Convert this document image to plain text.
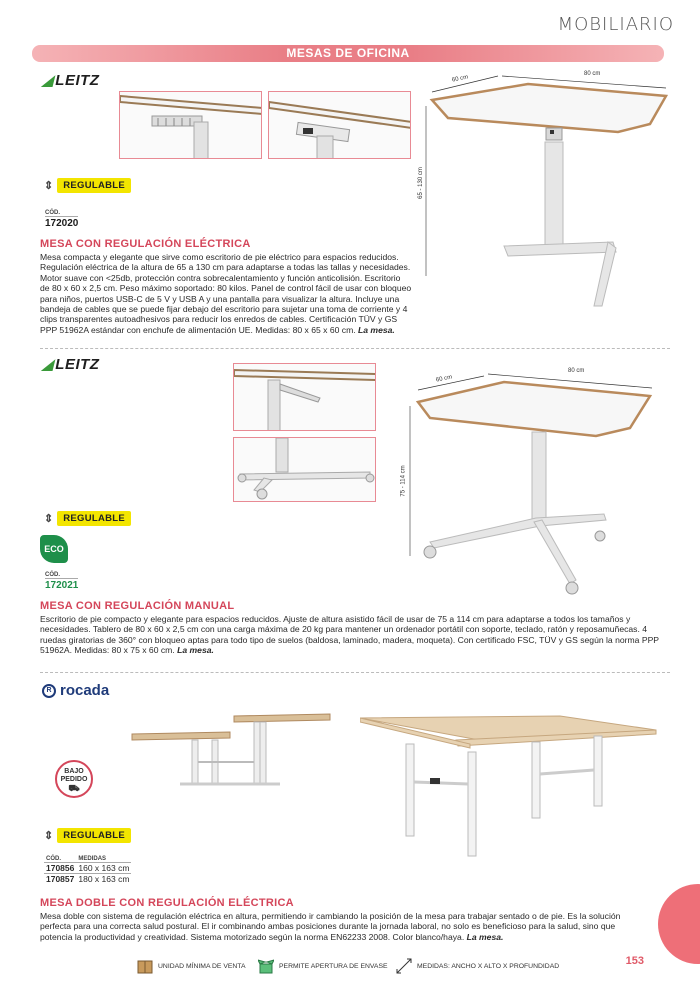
MOBILIARIO
MESAS DE OFICINA
◢ LEITZ	60 cm
80 cm
65 - 130 cm
⇕	REGULABLE
CÓD.
172020
MESA CON REGULACIÓN ELÉCTRICA
Mesa compacta y elegante que sirve como escritorio de pie eléctrico para espacios reducidos. Regulación eléctrica de la altura de 65 a 130 cm para adaptarse a todas las tallas y necesidades. Motor suave con <25db, protección contra sobrecalentamiento y función anticolisión. Escritorio de 80 x 60 x 2,5 cm. Peso máximo soportado: 80 kilos. Panel de control fácil de usar con bloqueo para niños, puertos USB-C de 5 V y USB A y una pantalla para visualizar la altura. Incluye una bandeja de cables que se puede fijar debajo del escritorio para sujetar una toma de corriente y 4 clips transparentes autoadhesivos para reducir los enredos de cables. Certificación TÜV y GS PPP 51962A estándar con enchufe de alimentación UE. Medidas: 80 x 65 x 60 cm. La mesa.
◢ LEITZ
60 cm
80 cm
75 - 114 cm
⇕	REGULABLE
ECO
CÓD.
172021
MESA CON REGULACIÓN MANUAL
Escritorio de pie compacto y elegante para espacios reducidos. Ajuste de altura asistido fácil de usar de 75 a 114 cm para adaptarse a todos los tamaños y necesidades. Tablero de 80 x 60 x 2,5 cm con una carga máxima de 20 kg para mantener un ordenador portátil con soporte, teclado, ratón y reposamuñecas. 4 ruedas giratorias de 360° con bloqueo aptas para todo tipo de suelos (baldosa, laminado, madera, moqueta). Con certificado FSC, TÜV y GS según la norma PPP 51962A. Medidas: 80 x 75 x 60 cm. La mesa.
R rocada
BAJO
PEDIDO
⛟
⇕	REGULABLE
CÓD.	MEDIDAS
170856	160 x 163 cm
170857	180 x 163 cm
MESA DOBLE CON REGULACIÓN ELÉCTRICA
Mesa doble con sistema de regulación eléctrica en altura, permitiendo ir cambiando la posición de la mesa para trabajar sentado o de pie. Es la solución perfecta para una correcta salud postural. El ir combinando ambas posiciones durante la jornada laboral, no solo es beneficioso para la salud, sino que potencia la productividad y creatividad. Sistema motorizado según la norma EN62233 2008. Color blanco/haya. La mesa.
UNIDAD MÍNIMA DE VENTA	PERMITE APERTURA DE ENVASE	MEDIDAS: ANCHO X ALTO X PROFUNDIDAD	153
